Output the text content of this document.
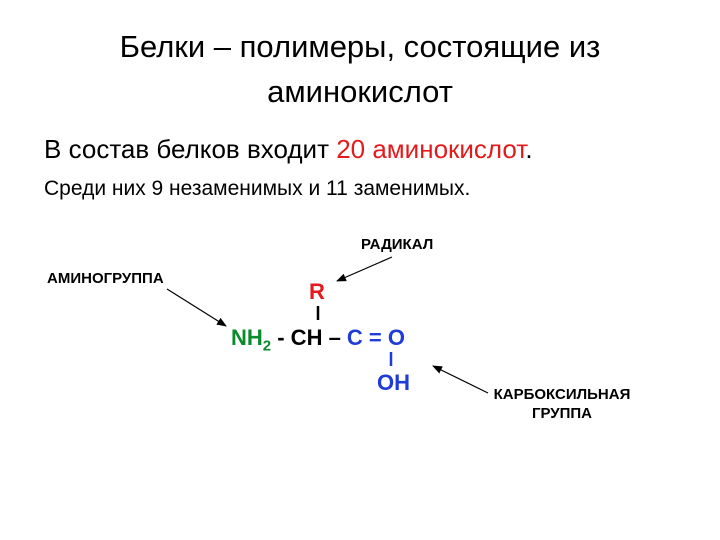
Белки – полимеры, состоящие из аминокислот
В состав белков входит 20 аминокислот.
Среди них 9 незаменимых и 11 заменимых.
РАДИКАЛ
АМИНОГРУППА
R
$NH_2$ - CH – C = O
OH	КАРБОКСИЛЬНАЯ
ГРУППА
